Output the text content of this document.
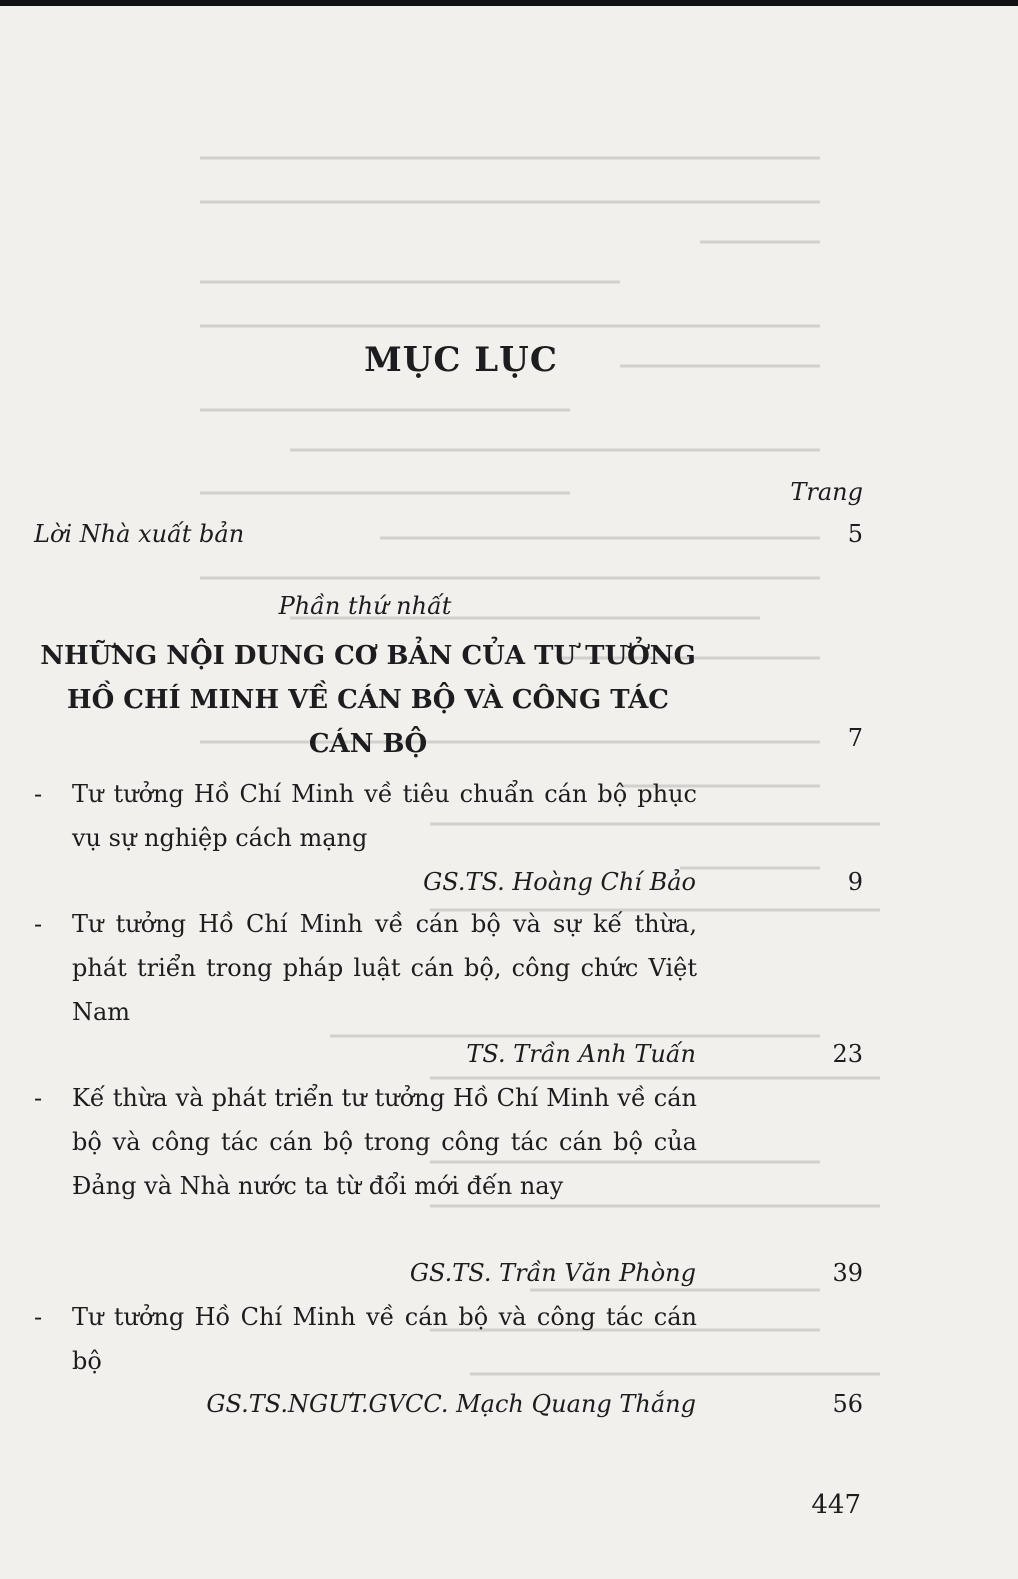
MỤC LỤC
Trang
Lời Nhà xuất bản	5
Phần thứ nhất
NHỮNG NỘI DUNG CƠ BẢN CỦA TƯ TƯỞNG HỒ CHÍ MINH VỀ CÁN BỘ VÀ CÔNG TÁC CÁN BỘ	7
- Tư tưởng Hồ Chí Minh về tiêu chuẩn cán bộ phục vụ sự nghiệp cách mạng
GS.TS. Hoàng Chí Bảo	9
- Tư tưởng Hồ Chí Minh về cán bộ và sự kế thừa, phát triển trong pháp luật cán bộ, công chức Việt Nam
TS. Trần Anh Tuấn	23
- Kế thừa và phát triển tư tưởng Hồ Chí Minh về cán bộ và công tác cán bộ trong công tác cán bộ của Đảng và Nhà nước ta từ đổi mới đến nay
GS.TS. Trần Văn Phòng	39
- Tư tưởng Hồ Chí Minh về cán bộ và công tác cán bộ
GS.TS.NGƯT.GVCC. Mạch Quang Thắng	56
447
